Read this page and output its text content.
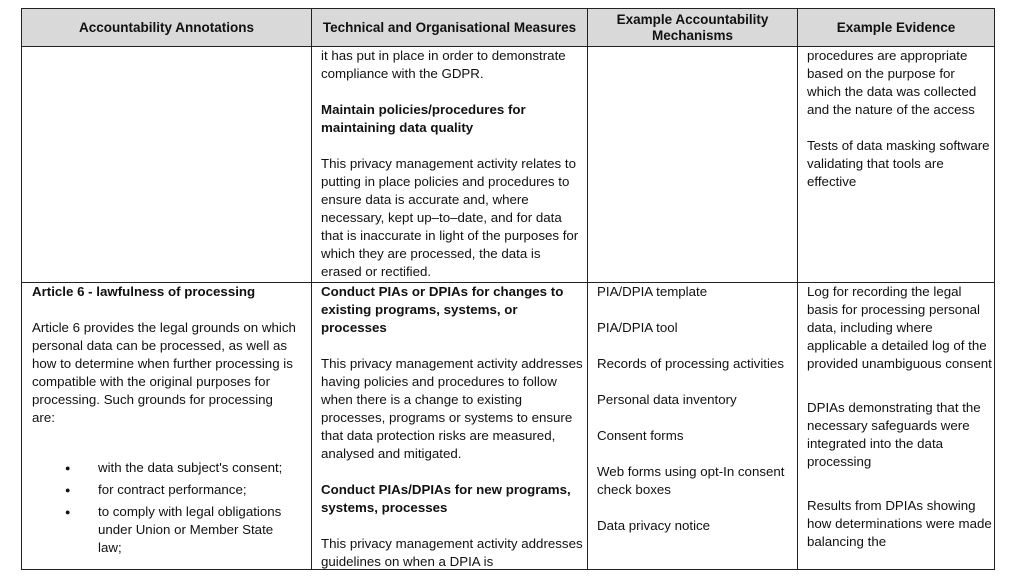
Accountability Annotations	Technical and Organisational Measures
Example Accountability Mechanisms
Example Evidence

it has put in place in order to demonstrate compliance with the GDPR.

Maintain policies/procedures for maintaining data quality

This privacy management activity relates to putting in place policies and procedures to ensure data is accurate and, where necessary, kept up–to–date, and for data that is inaccurate in light of the purposes for which they are processed, the data is erased or rectified.

procedures are appropriate based on the purpose for which the data was collected and the nature of the access

Tests of data masking software validating that tools are effective

Article 6 - lawfulness of processing

Article 6 provides the legal grounds on which personal data can be processed, as well as how to determine when further processing is compatible with the original purposes for processing. Such grounds for processing are:

● with the data subject's consent;
● for contract performance;
● to comply with legal obligations under Union or Member State law;

Conduct PIAs or DPIAs for changes to existing programs, systems, or processes

This privacy management activity addresses having policies and procedures to follow when there is a change to existing processes, programs or systems to ensure that data protection risks are measured, analysed and mitigated.

Conduct PIAs/DPIAs for new programs, systems, processes

This privacy management activity addresses guidelines on when a DPIA is

PIA/DPIA template

PIA/DPIA tool

Records of processing activities

Personal data inventory

Consent forms

Web forms using opt-In consent check boxes

Data privacy notice

Log for recording the legal basis for processing personal data, including where applicable a detailed log of the provided unambiguous consent

DPIAs demonstrating that the necessary safeguards were integrated into the data processing

Results from DPIAs showing how determinations were made balancing the
